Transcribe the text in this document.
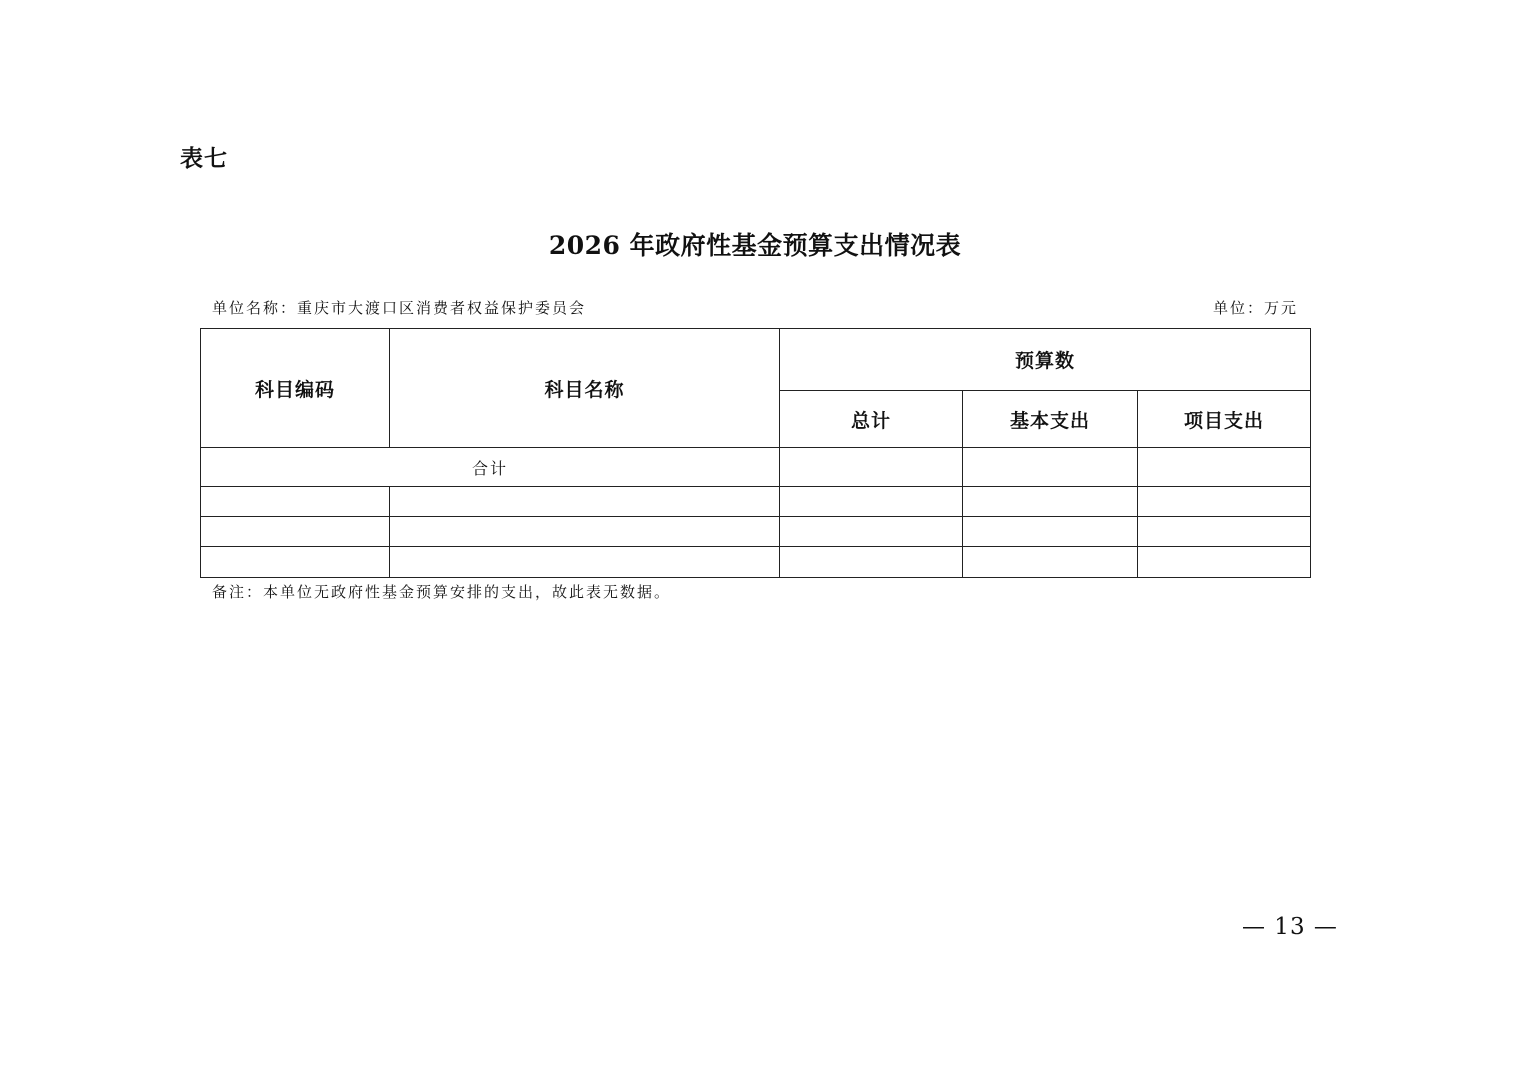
表七
2026 年政府性基金预算支出情况表
单位名称：重庆市大渡口区消费者权益保护委员会	单位：万元
科目编码	科目名称	预算数		
		总计	基本支出	项目支出
合计				

备注：本单位无政府性基金预算安排的支出，故此表无数据。
— 13 —
